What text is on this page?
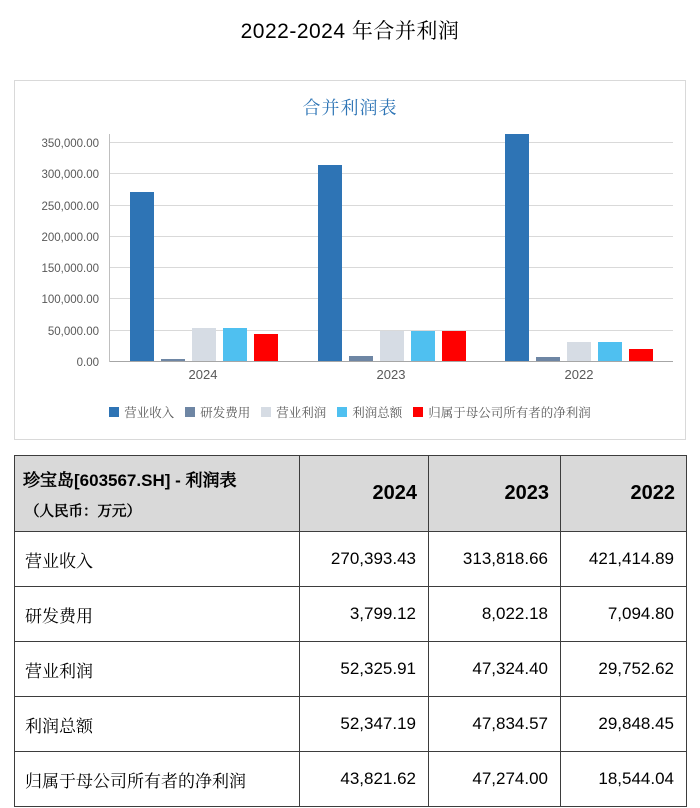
2022-2024 年合并利润
合并利润表
0.00
50,000.00
100,000.00
150,000.00
200,000.00
250,000.00
300,000.00
350,000.00
2024	2023	2022
营业收入 研发费用 营业利润 利润总额 归属于母公司所有者的净利润
珍宝岛[603567.SH] - 利润表
（人民币：万元）	2024	2023	2022
营业收入	270,393.43	313,818.66	421,414.89
研发费用	3,799.12	8,022.18	7,094.80
营业利润	52,325.91	47,324.40	29,752.62
利润总额	52,347.19	47,834.57	29,848.45
归属于母公司所有者的净利润	43,821.62	47,274.00	18,544.04
